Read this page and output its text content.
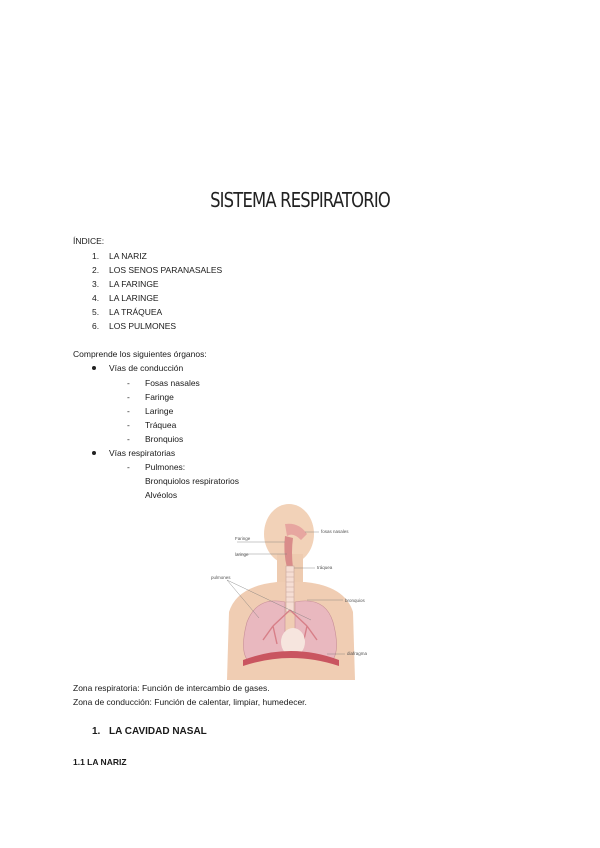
SISTEMA RESPIRATORIO
ÍNDICE:
1. LA NARIZ
2. LOS SENOS PARANASALES
3. LA FARINGE
4. LA LARINGE
5. LA TRÁQUEA
6. LOS PULMONES
Comprende los siguientes órganos:
Vías de conducción
- Fosas nasales
- Faringe
- Laringe
- Tráquea
- Bronquios
Vías respiratorias
- Pulmones:
Bronquiolos respiratorios
Alvéolos
fosas nasales
Faringe
laringe
tráquea
bronquios
pulmones
diafragma
Zona respiratoria: Función de intercambio de gases.
Zona de conducción: Función de calentar, limpiar, humedecer.
1. LA CAVIDAD NASAL
1.1 LA NARIZ
